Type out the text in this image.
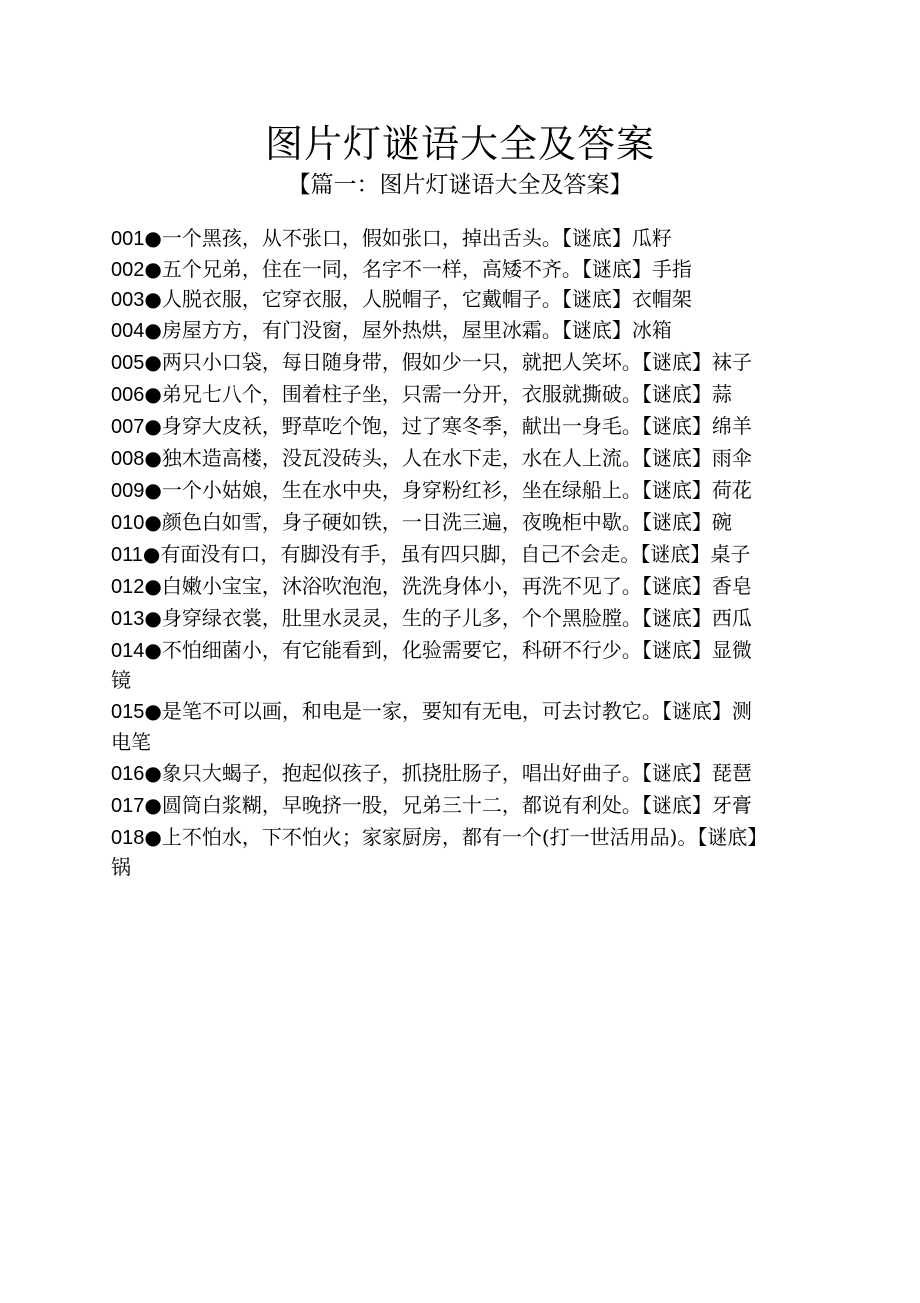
图片灯谜语大全及答案
【篇一：图片灯谜语大全及答案】

001●一个黑孩，从不张口，假如张口，掉出舌头。【谜底】瓜籽

002●五个兄弟，住在一同，名字不一样，高矮不齐。【谜底】手指

003●人脱衣服，它穿衣服，人脱帽子，它戴帽子。【谜底】衣帽架

004●房屋方方，有门没窗，屋外热烘，屋里冰霜。【谜底】冰箱

005●两只小口袋，每日随身带，假如少一只，就把人笑坏。【谜底】袜子

006●弟兄七八个，围着柱子坐，只需一分开，衣服就撕破。【谜底】蒜

007●身穿大皮袄，野草吃个饱，过了寒冬季，献出一身毛。【谜底】绵羊

008●独木造高楼，没瓦没砖头，人在水下走，水在人上流。【谜底】雨伞

009●一个小姑娘，生在水中央，身穿粉红衫，坐在绿船上。【谜底】荷花

010●颜色白如雪，身子硬如铁，一日洗三遍，夜晚柜中歇。【谜底】碗

011●有面没有口，有脚没有手，虽有四只脚，自己不会走。【谜底】桌子

012●白嫩小宝宝，沐浴吹泡泡，洗洗身体小，再洗不见了。【谜底】香皂

013●身穿绿衣裳，肚里水灵灵，生的子儿多，个个黑脸膛。【谜底】西瓜

014●不怕细菌小，有它能看到，化验需要它，科研不行少。【谜底】显微镜

015●是笔不可以画，和电是一家，要知有无电，可去讨教它。【谜底】测电笔

016●象只大蝎子，抱起似孩子，抓挠肚肠子，唱出好曲子。【谜底】琵琶

017●圆筒白浆糊，早晚挤一股，兄弟三十二，都说有利处。【谜底】牙膏

018●上不怕水，下不怕火；家家厨房，都有一个(打一世活用品)。【谜底】锅
